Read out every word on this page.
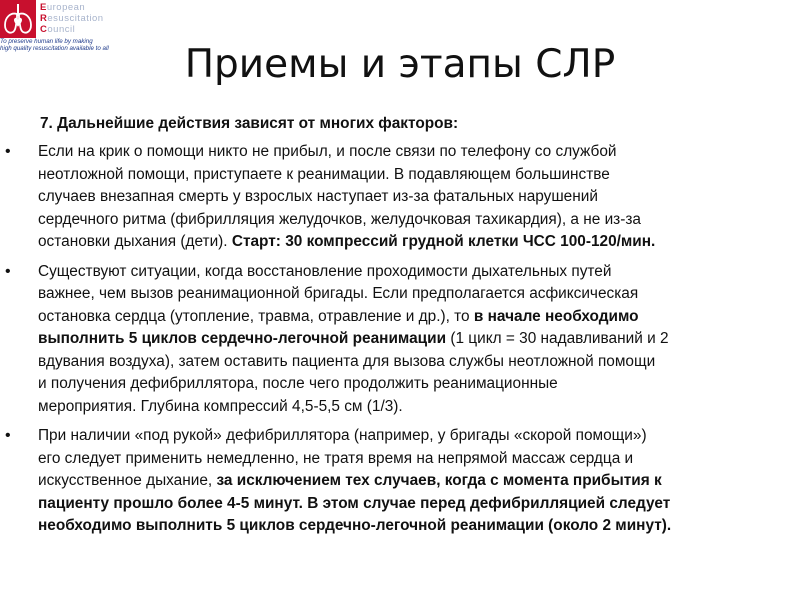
European
Resuscitation
Council
To preserve human life by making
high quality resuscitation available to all	Приемы и этапы СЛР
7. Дальнейшие действия зависят от многих факторов:
• Если на крик о помощи никто не прибыл, и после связи по телефону со службой
неотложной помощи, приступаете к реанимации. В подавляющем большинстве
случаев внезапная смерть у взрослых наступает из-за фатальных нарушений
сердечного ритма (фибрилляция желудочков, желудочковая тахикардия), а не из-за
остановки дыхания (дети). Старт: 30 компрессий грудной клетки ЧСС 100-120/мин.

• Существуют ситуации, когда восстановление проходимости дыхательных путей
важнее, чем вызов реанимационной бригады. Если предполагается асфиксическая
остановка сердца (утопление, травма, отравление и др.), то в начале необходимо
выполнить 5 циклов сердечно-легочной реанимации (1 цикл = 30 надавливаний и 2
вдувания воздуха), затем оставить пациента для вызова службы неотложной помощи
и получения дефибриллятора, после чего продолжить реанимационные
мероприятия. Глубина компрессий 4,5-5,5 см (1/3).

• При наличии «под рукой» дефибриллятора (например, у бригады «скорой помощи»)
его следует применить немедленно, не тратя время на непрямой массаж сердца и
искусственное дыхание, за исключением тех случаев, когда с момента прибытия к
пациенту прошло более 4-5 минут. В этом случае перед дефибрилляцией следует
необходимо выполнить 5 циклов сердечно-легочной реанимации (около 2 минут).
